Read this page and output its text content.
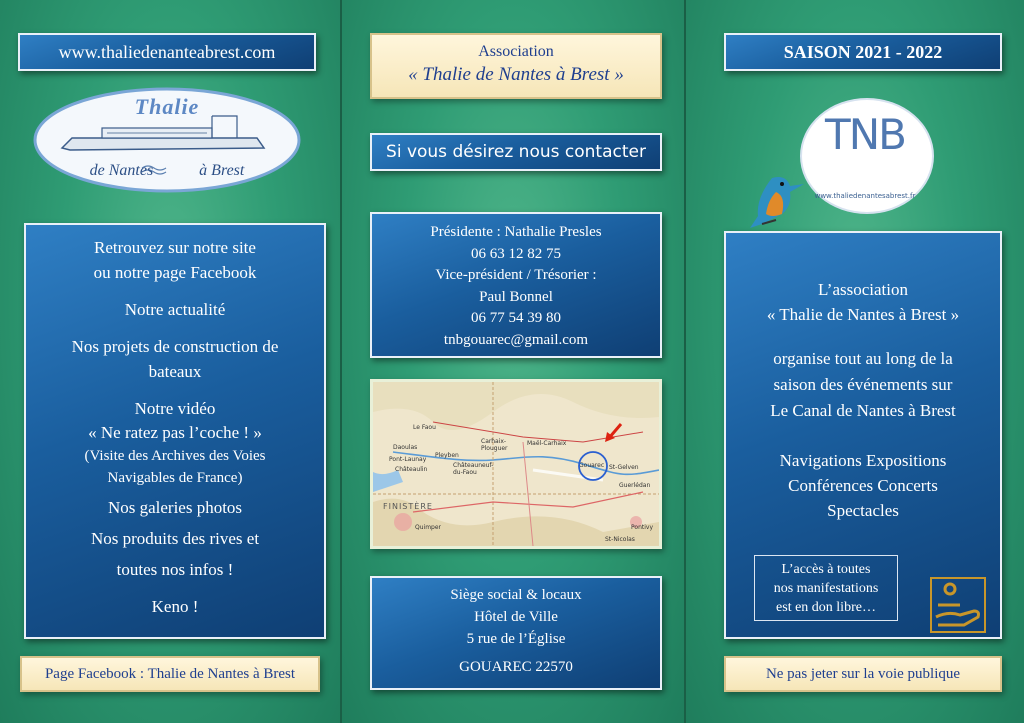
www.thaliedenanteabrest.com
Thalie
de Nantes	à Brest
Retrouvez sur notre site
ou notre page Facebook
Notre actualité
Nos projets de construction de
bateaux
Notre vidéo
« Ne ratez pas l’coche ! »
(Visite des Archives des Voies
Navigables de France)
Nos galeries photos
Nos produits des rives et
toutes nos infos !
Keno !
Page Facebook : Thalie de Nantes à Brest
Association
« Thalie de Nantes à Brest »
Si vous désirez nous contacter
Présidente : Nathalie Presles
06 63 12 82 75
Vice-président / Trésorier :
Paul Bonnel
06 77 54 39 80
tnbgouarec@gmail.com
Le Faou
Daoulas
Pont-Launay
Châteaulin
Pleyben
Châteauneuf-du-Faou
Carhaix-Plouguer
Maël-Carhaix
Gouarec St-Gelven
Guerlédan
Pontivy
FINISTÈRE
Quimper
St-Nicolas
Siège social & locaux
Hôtel de Ville
5 rue de l’Église
GOUAREC 22570
SAISON 2021 - 2022
TNB
www.thaliedenantesabrest.fr
L’association
« Thalie de Nantes à Brest »
organise tout au long de la
saison des événements sur
Le Canal de Nantes à Brest
Navigations Expositions
Conférences Concerts
Spectacles
L’accès à toutes
nos manifestations
est en don libre…
Ne pas jeter sur la voie publique
